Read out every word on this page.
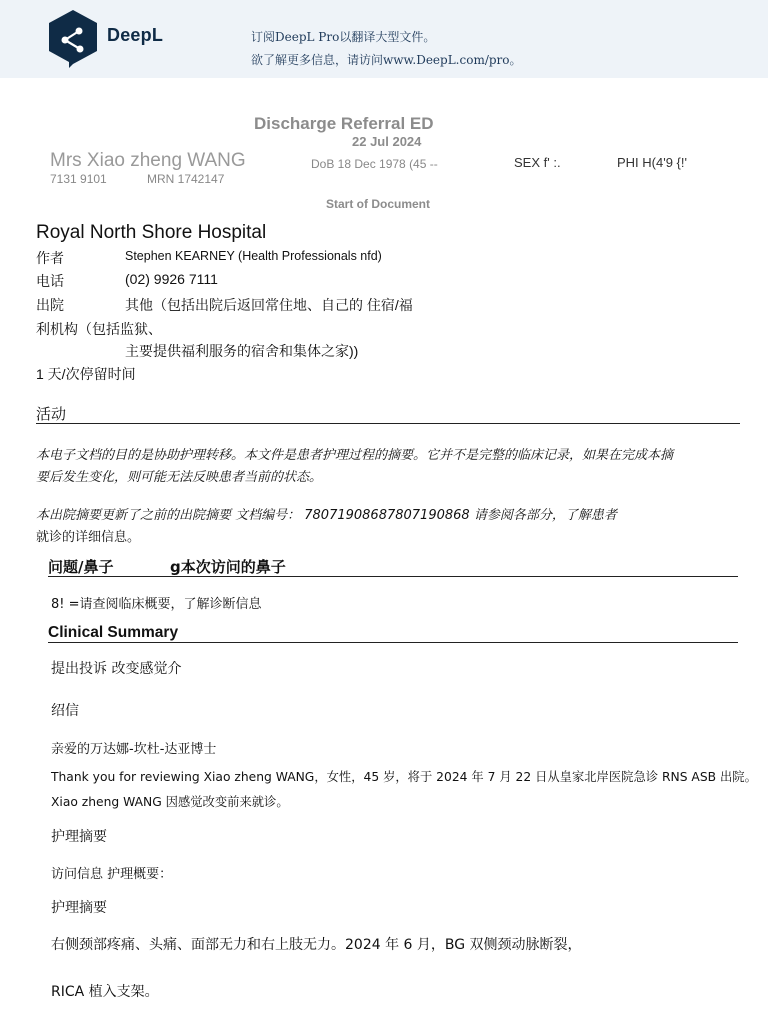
DeepL	订阅DeepL Pro以翻译大型文件。
欲了解更多信息，请访问www.DeepL.com/pro。
Discharge Referral ED
22 Jul 2024
Mrs Xiao zheng WANG	DoB 18 Dec 1978 (45 --	SEX f' :.	PHI H(4'9 {!'
7131 9101	MRN 1742147
Start of Document
Royal North Shore Hospital
作者	Stephen KEARNEY (Health Professionals nfd)
电话	(02) 9926 7111
出院	其他（包括出院后返回常住地、自己的 住宿/福
利机构（包括监狱、
主要提供福利服务的宿舍和集体之家))
1 天/次停留时间
活动
本电子文档的目的是协助护理转移。本文件是患者护理过程的摘要。它并不是完整的临床记录，如果在完成本摘
要后发生变化，则可能无法反映患者当前的状态。
本出院摘要更新了之前的出院摘要 文档编号： 78071908687807190868 请参阅各部分，了解患者
就诊的详细信息。
问题/鼻子	g本次访问的鼻子
8! =请查阅临床概要，了解诊断信息
Clinical Summary
提出投诉 改变感觉介
绍信
亲爱的万达娜-坎杜-达亚博士
Thank you for reviewing Xiao zheng WANG，女性，45 岁，将于 2024 年 7 月 22 日从皇家北岸医院急诊 RNS ASB 出院。
Xiao zheng WANG 因感觉改变前来就诊。
护理摘要
访问信息 护理概要：
护理摘要
右侧颈部疼痛、头痛、面部无力和右上肢无力。2024 年 6 月，BG 双侧颈动脉断裂，
RICA 植入支架。
